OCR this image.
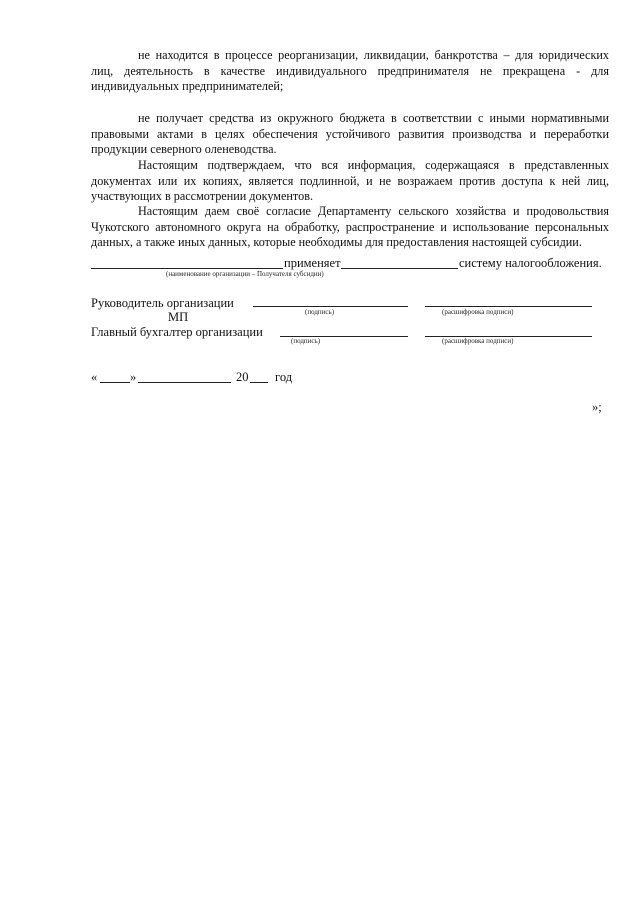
не находится в процессе реорганизации, ликвидации, банкротства – для юридических лиц, деятельность в качестве индивидуального предпринимателя не прекращена - для индивидуальных предпринимателей;

не получает средства из окружного бюджета в соответствии с иными нормативными правовыми актами в целях обеспечения устойчивого развития производства и переработки продукции северного оленеводства.

Настоящим подтверждаем, что вся информация, содержащаяся в представленных документах или их копиях, является подлинной, и не возражаем против доступа к ней лиц, участвующих в рассмотрении документов.

Настоящим даем своё согласие Департаменту сельского хозяйства и продовольствия Чукотского автономного округа на обработку, распространение и использование персональных данных, а также иных данных, которые необходимы для предоставления настоящей субсидии.

применяет	систему налогообложения.
(наименование организации – Получателя субсидии)
Руководитель организации
(подпись)	(расшифровка подписи)
МП
Главный бухгалтер организации
(подпись)	(расшифровка подписи)
«	»	20 год
»;
